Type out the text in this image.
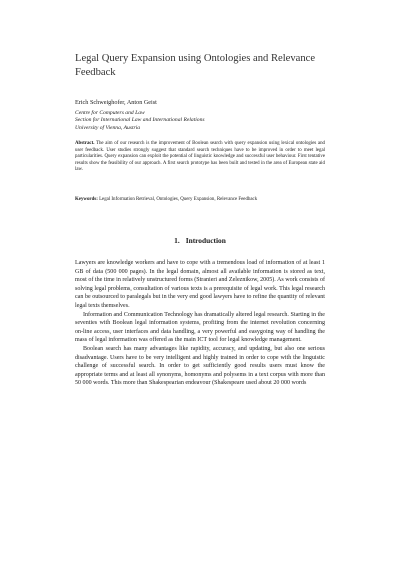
Legal Query Expansion using Ontologies and Relevance Feedback
Erich Schweighofer, Anton Geist
Centre for Computers and Law
Section for International Law and International Relations
University of Vienna, Austria

Abstract. The aim of our research is the improvement of Boolean search with query expansion using lexical ontologies and user feedback. User studies strongly suggest that standard search techniques have to be improved in order to meet legal particularities. Query expansion can exploit the potential of linguistic knowledge and successful user behaviour. First tentative results show the feasibility of our approach. A first search prototype has been built and tested in the area of European state aid law.

Keywords: Legal Information Retrieval, Ontologies, Query Expansion, Relevance Feedback

1. Introduction

Lawyers are knowledge workers and have to cope with a tremendous load of information of at least 1 GB of data (500 000 pages). In the legal domain, almost all available information is stored as text, most of the time in relatively unstructured forms (Stranieri and Zeleznikow, 2005). As work consists of solving legal problems, consultation of various texts is a prerequisite of legal work. This legal research can be outsourced to paralegals but in the very end good lawyers have to refine the quantity of relevant legal texts themselves.

Information and Communication Technology has dramatically altered legal research. Starting in the seventies with Boolean legal information systems, profiting from the internet revolution concerning on-line access, user interfaces and data handling, a very powerful and easygoing way of handling the mass of legal information was offered as the main ICT tool for legal knowledge management.

Boolean search has many advantages like rapidity, accuracy, and updating, but also one serious disadvantage. Users have to be very intelligent and highly trained in order to cope with the linguistic challenge of successful search. In order to get sufficiently good results users must know the appropriate terms and at least all synonyms, homonyms and polysems in a text corpus with more than 50 000 words. This more than Shakespearian endeavour (Shakespeare used about 20 000 words
